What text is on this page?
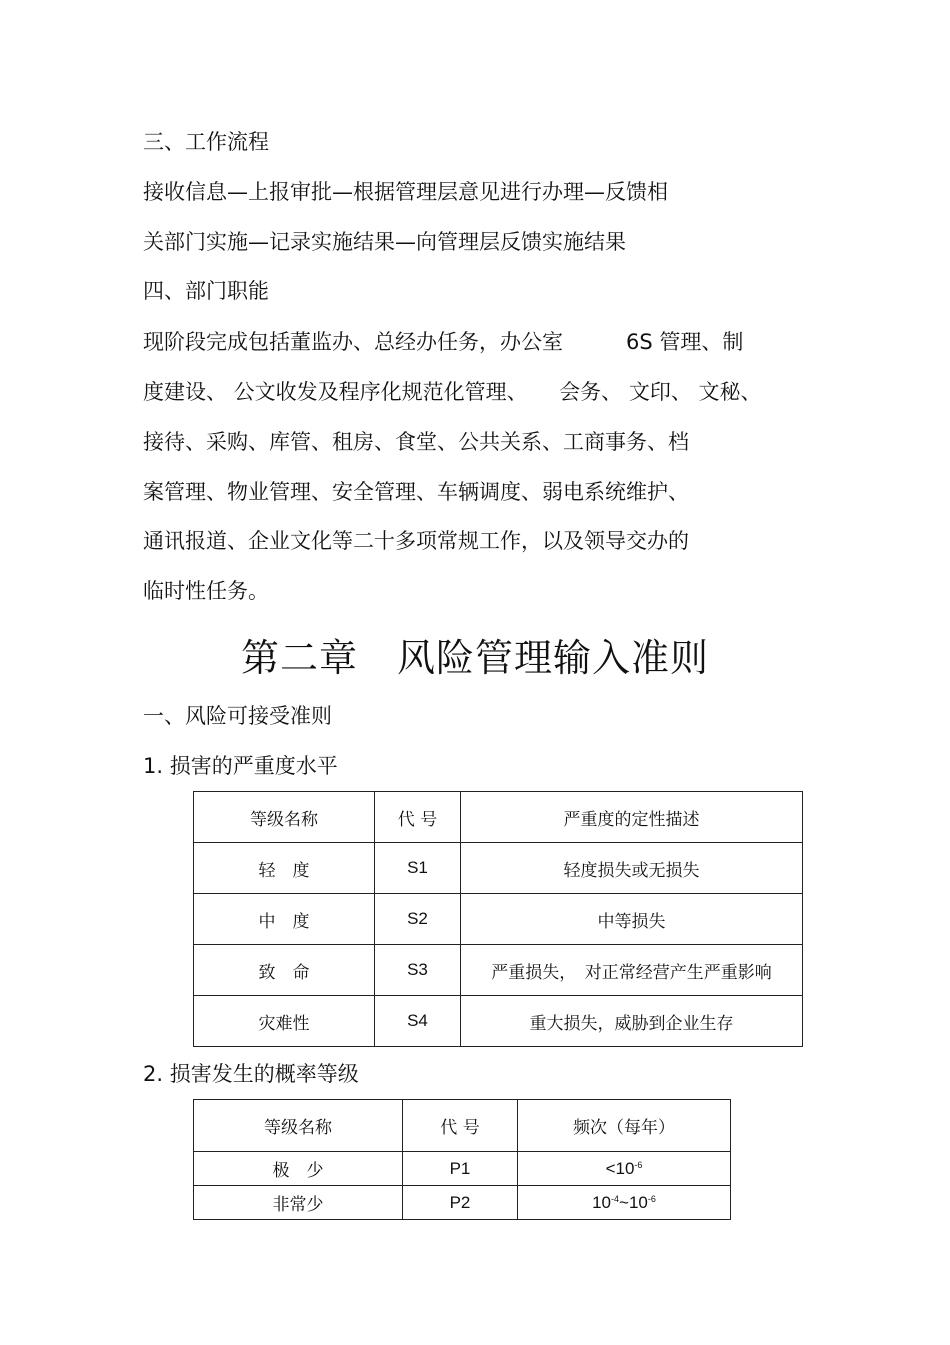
三、工作流程
接收信息—上报审批—根据管理层意见进行办理—反馈相
关部门实施—记录实施结果—向管理层反馈实施结果
四、部门职能
现阶段完成包括董监办、总经办任务，办公室　　　6S 管理、制
度建设、 公文收发及程序化规范化管理、　　会务、 文印、 文秘、
接待、采购、库管、租房、食堂、公共关系、工商事务、档
案管理、物业管理、安全管理、车辆调度、弱电系统维护、
通讯报道、企业文化等二十多项常规工作，以及领导交办的
临时性任务。
第二章　风险管理输入准则
一、风险可接受准则
1. 损害的严重度水平
等级名称	代 号	严重度的定性描述
轻　度	S1	轻度损失或无损失
中　度	S2	中等损失
致　命	S3	严重损失，　对正常经营产生严重影响
灾难性	S4	重大损失，威胁到企业生存
2. 损害发生的概率等级
等级名称	代 号	频次（每年）
极　少	P1	$<10^{-6}$
非常少	P2	$10^{-4}\sim 10^{-6}$
